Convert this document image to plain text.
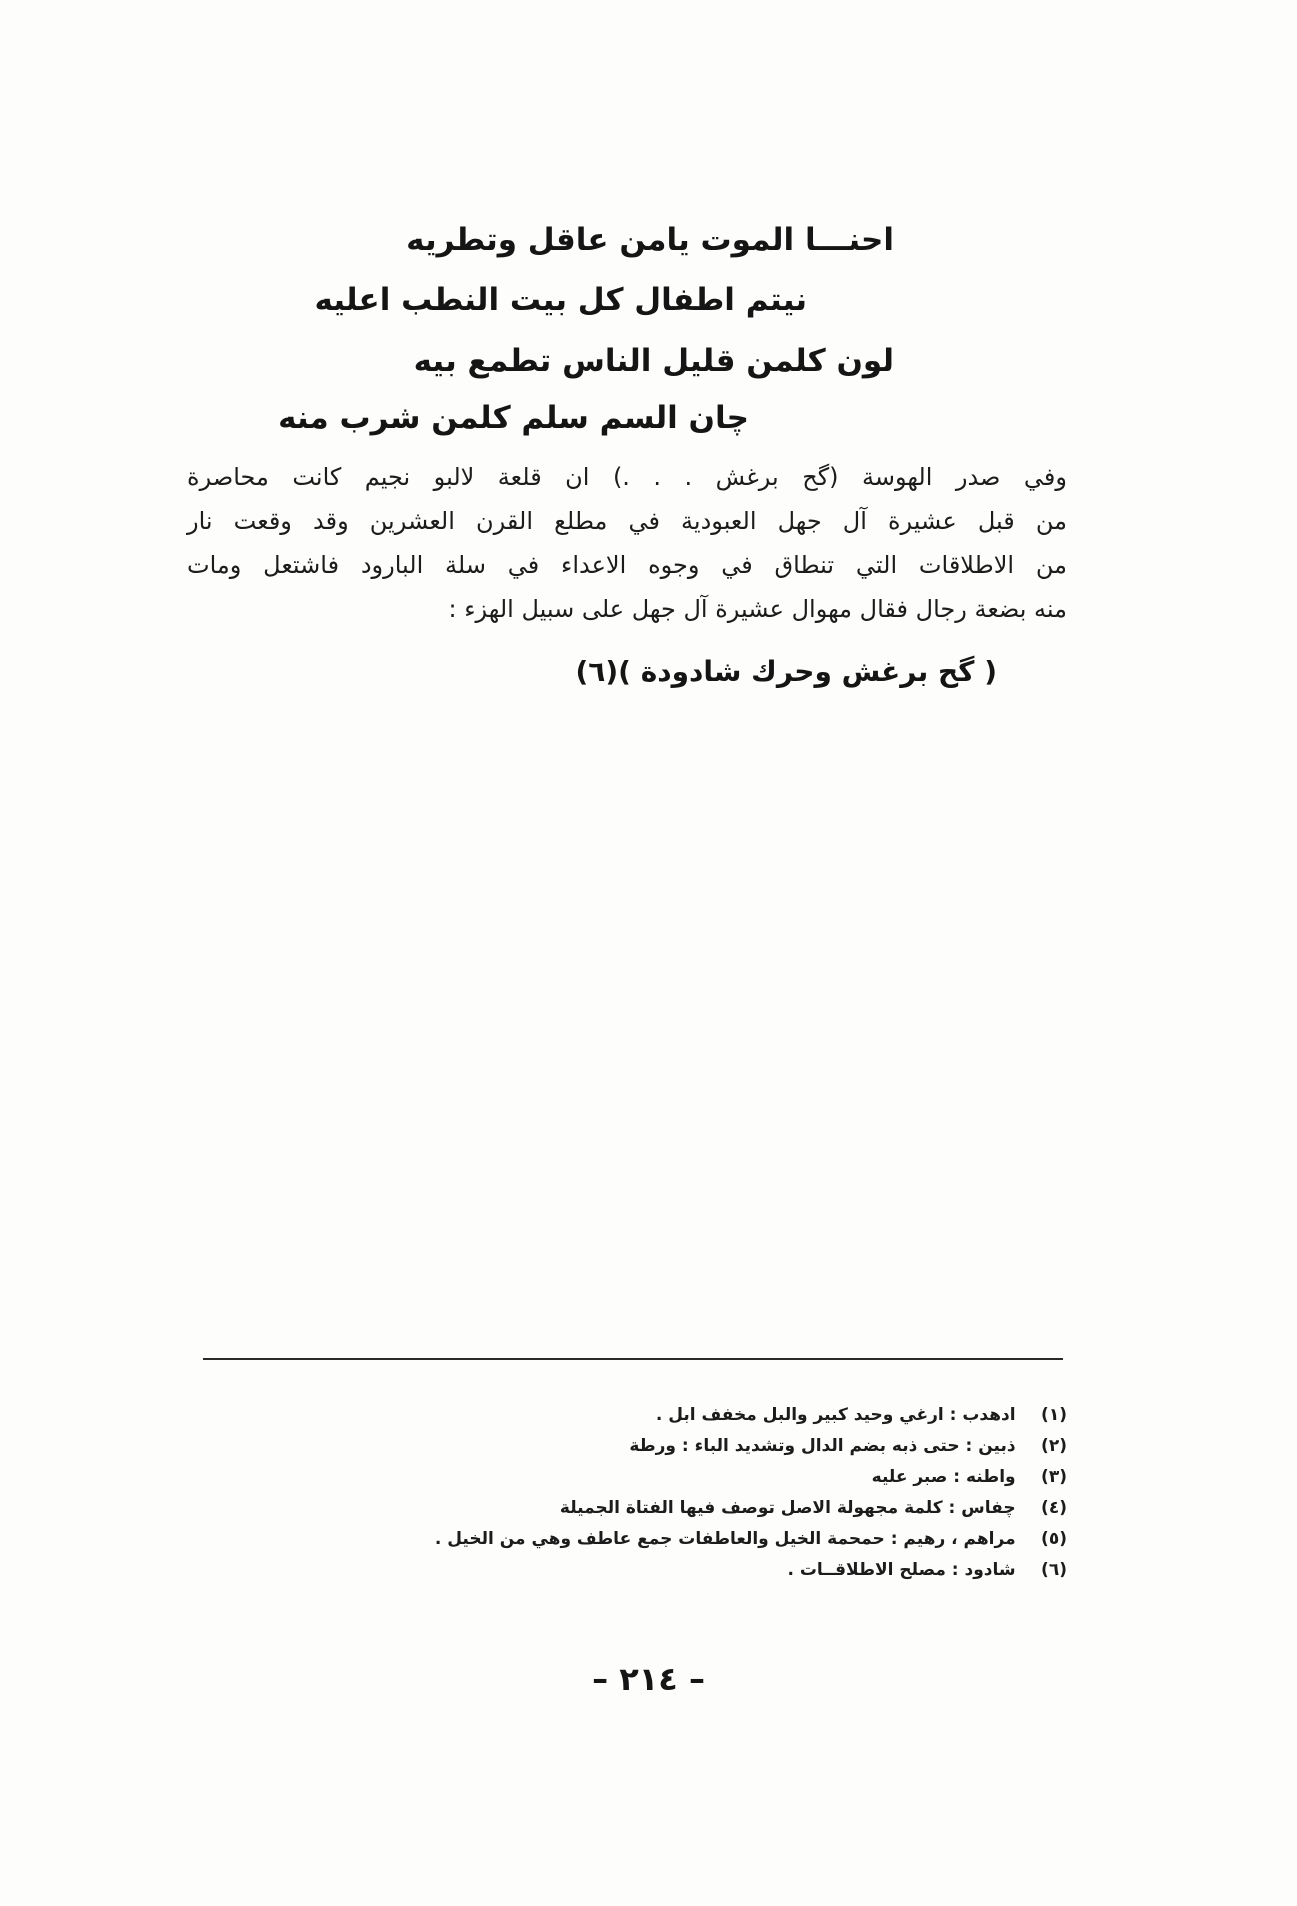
احنـــا الموت يامن عاقل وتطريه
نيتم اطفال كل بيت النطب اعليه
لون كلمن قليل الناس تطمع بيه
چان السم سلم كلمن شرب منه
وفي صدر الهوسة (گح برغش . . .) ان قلعة لالبو نجيم كانت محاصرة
من قبل عشيرة آل جهل العبودية في مطلع القرن العشرين وقد وقعت نار
من الاطلاقات التي تنطاق في وجوه الاعداء في سلة البارود فاشتعل ومات
منه بضعة رجال فقال مهوال عشيرة آل جهل على سبيل الهزء :
( گح برغش وحرك شادودة )(٦)
(١) ادهدب : ارغي وحيد كبير والبل مخفف ابل .
(٢) ذبين : حتى ذبه بضم الدال وتشديد الباء : ورطة
(٣) واطنه : صبر عليه
(٤) چفاس : كلمة مجهولة الاصل توصف فيها الفتاة الجميلة
(٥) مراهم ، رهيم : حمحمة الخيل والعاطفات جمع عاطف وهي من الخيل .
(٦) شادود : مصلح الاطلاقــات .
– ٢١٤ –
